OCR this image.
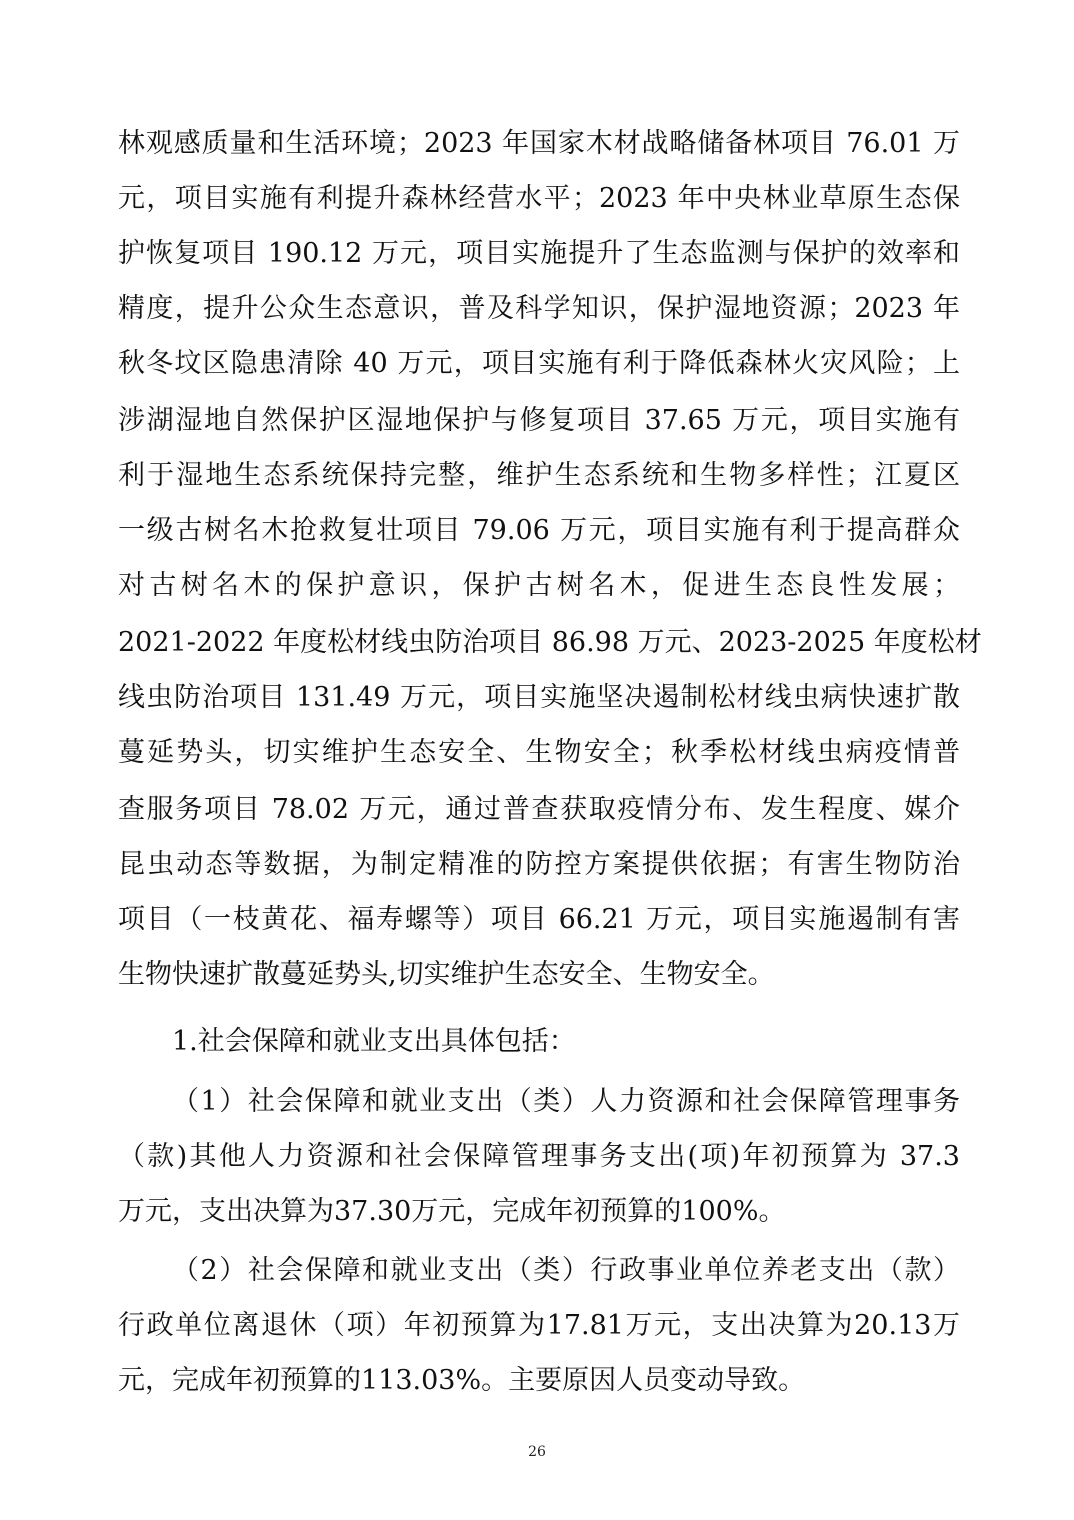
林观感质量和生活环境；2023 年国家木材战略储备林项目 76.01 万
元，项目实施有利提升森林经营水平；2023 年中央林业草原生态保
护恢复项目 190.12 万元，项目实施提升了生态监测与保护的效率和
精度，提升公众生态意识，普及科学知识，保护湿地资源；2023 年
秋冬坟区隐患清除 40 万元，项目实施有利于降低森林火灾风险；上
涉湖湿地自然保护区湿地保护与修复项目 37.65 万元，项目实施有
利于湿地生态系统保持完整，维护生态系统和生物多样性；江夏区
一级古树名木抢救复壮项目 79.06 万元，项目实施有利于提高群众
对古树名木的保护意识，保护古树名木，促进生态良性发展；
2021-2022 年度松材线虫防治项目 86.98 万元、2023-2025 年度松材
线虫防治项目 131.49 万元，项目实施坚决遏制松材线虫病快速扩散
蔓延势头，切实维护生态安全、生物安全；秋季松材线虫病疫情普
查服务项目 78.02 万元，通过普查获取疫情分布、发生程度、媒介
昆虫动态等数据，为制定精准的防控方案提供依据；有害生物防治
项目（一枝黄花、福寿螺等）项目 66.21 万元，项目实施遏制有害
生物快速扩散蔓延势头,切实维护生态安全、生物安全。
1.社会保障和就业支出具体包括：
（1）社会保障和就业支出（类）人力资源和社会保障管理事务
（款)其他人力资源和社会保障管理事务支出(项)年初预算为 37.3
万元，支出决算为37.30万元，完成年初预算的100%。
（2）社会保障和就业支出（类）行政事业单位养老支出（款）
行政单位离退休（项）年初预算为17.81万元，支出决算为20.13万
元，完成年初预算的113.03%。主要原因人员变动导致。
26
